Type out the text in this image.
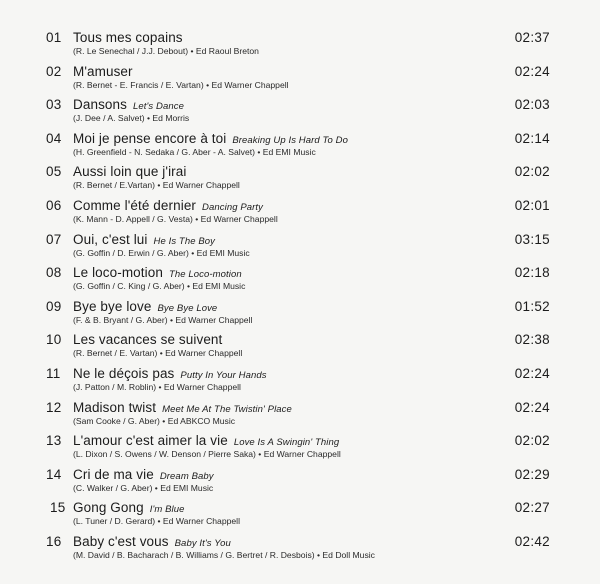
01 Tous mes copains
(R. Le Senechal / J.J. Debout) • Ed Raoul Breton
02:37
02 M'amuser
(R. Bernet - E. Francis / E. Vartan) • Ed Warner Chappell
02:24
03 Dansons Let's Dance
(J. Dee / A. Salvet) • Ed Morris
02:03
04 Moi je pense encore à toi Breaking Up Is Hard To Do
(H. Greenfield - N. Sedaka / G. Aber - A. Salvet) • Ed EMI Music
02:14
05 Aussi loin que j'irai
(R. Bernet / E.Vartan) • Ed Warner Chappell
02:02
06 Comme l'été dernier Dancing Party
(K. Mann - D. Appell / G. Vesta) • Ed Warner Chappell
02:01
07 Oui, c'est lui He Is The Boy
(G. Goffin / D. Erwin / G. Aber) • Ed EMI Music
03:15
08 Le loco-motion The Loco-motion
(G. Goffin / C. King / G. Aber) • Ed EMI Music
02:18
09 Bye bye love Bye Bye Love
(F. & B. Bryant / G. Aber) • Ed Warner Chappell
01:52
10 Les vacances se suivent
(R. Bernet / E. Vartan) • Ed Warner Chappell
02:38
11 Ne le déçois pas Putty In Your Hands
(J. Patton / M. Roblin) • Ed Warner Chappell
02:24
12 Madison twist Meet Me At The Twistin' Place
(Sam Cooke / G. Aber) • Ed ABKCO Music
02:24
13 L'amour c'est aimer la vie Love Is A Swingin' Thing
(L. Dixon / S. Owens / W. Denson / Pierre Saka) • Ed Warner Chappell
02:02
14 Cri de ma vie Dream Baby
(C. Walker / G. Aber) • Ed EMI Music
02:29
15 Gong Gong I'm Blue
(L. Tuner / D. Gerard) • Ed Warner Chappell
02:27
16 Baby c'est vous Baby It's You
(M. David / B. Bacharach / B. Williams / G. Bertret / R. Desbois) • Ed Doll Music
02:42
